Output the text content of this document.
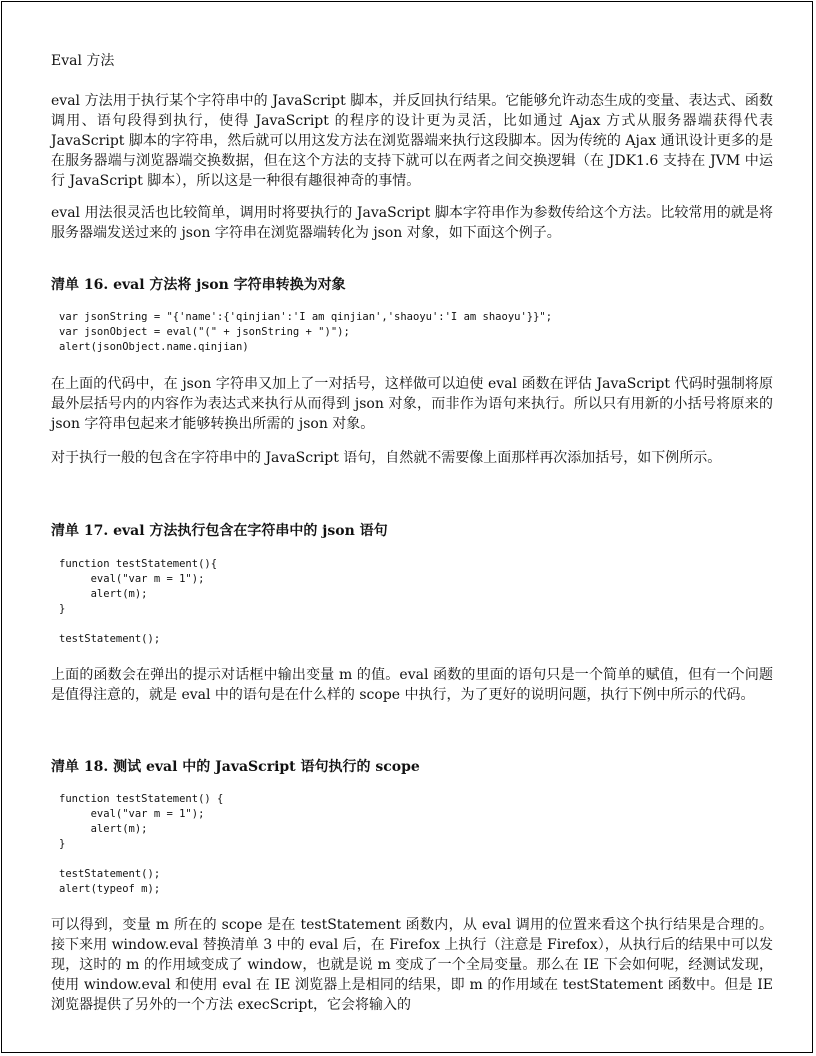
Eval 方法

eval 方法用于执行某个字符串中的 JavaScript 脚本，并反回执行结果。它能够允许动态生成的变量、表达式、函数调用、语句段得到执行，使得 JavaScript 的程序的设计更为灵活，比如通过 Ajax 方式从服务器端获得代表 JavaScript 脚本的字符串，然后就可以用这发方法在浏览器端来执行这段脚本。因为传统的 Ajax 通讯设计更多的是在服务器端与浏览器端交换数据，但在这个方法的支持下就可以在两者之间交换逻辑（在 JDK1.6 支持在 JVM 中运行 JavaScript 脚本），所以这是一种很有趣很神奇的事情。

eval 用法很灵活也比较简单，调用时将要执行的 JavaScript 脚本字符串作为参数传给这个方法。比较常用的就是将服务器端发送过来的 json 字符串在浏览器端转化为 json 对象，如下面这个例子。

清单 16. eval 方法将 json 字符串转换为对象
var jsonString = "{'name':{'qinjian':'I am qinjian','shaoyu':'I am shaoyu'}}";
var jsonObject = eval("(" + jsonString + ")");
alert(jsonObject.name.qinjian)

在上面的代码中，在 json 字符串又加上了一对括号，这样做可以迫使 eval 函数在评估 JavaScript 代码时强制将原最外层括号内的内容作为表达式来执行从而得到 json 对象，而非作为语句来执行。所以只有用新的小括号将原来的 json 字符串包起来才能够转换出所需的 json 对象。

对于执行一般的包含在字符串中的 JavaScript 语句，自然就不需要像上面那样再次添加括号，如下例所示。

清单 17. eval 方法执行包含在字符串中的 json 语句
function testStatement(){
eval("var m = 1");
alert(m);
}

testStatement();

上面的函数会在弹出的提示对话框中输出变量 m 的值。eval 函数的里面的语句只是一个简单的赋值，但有一个问题是值得注意的，就是 eval 中的语句是在什么样的 scope 中执行，为了更好的说明问题，执行下例中所示的代码。

清单 18. 测试 eval 中的 JavaScript 语句执行的 scope
function testStatement() {
eval("var m = 1");
alert(m);
}

testStatement();
alert(typeof m);

可以得到，变量 m 所在的 scope 是在 testStatement 函数内，从 eval 调用的位置来看这个执行结果是合理的。接下来用 window.eval 替换清单 3 中的 eval 后，在 Firefox 上执行（注意是 Firefox），从执行后的结果中可以发现，这时的 m 的作用域变成了 window，也就是说 m 变成了一个全局变量。那么在 IE 下会如何呢，经测试发现，使用 window.eval 和使用 eval 在 IE 浏览器上是相同的结果，即 m 的作用域在 testStatement 函数中。但是 IE 浏览器提供了另外的一个方法 execScript，它会将输入的
